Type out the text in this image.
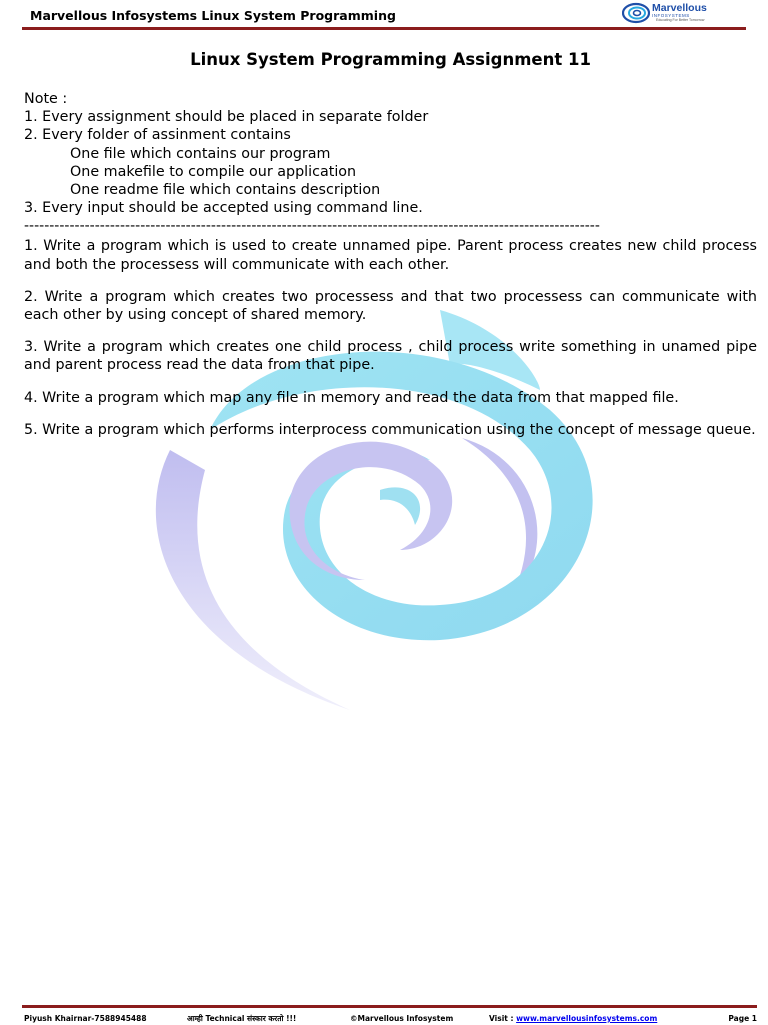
Marvellous Infosystems Linux System Programming	Marvellous
INFOSYSTEMS
Educating For Better Tomorrow
Linux System Programming Assignment 11
Note :
1. Every assignment should be placed in separate folder
2. Every folder of assinment contains
One file which contains our program
One makefile to compile our application
One readme file which contains description
3. Every input should be accepted using command line.
------------------------------------------------------------------------------------------------------------------

1. Write a program which is used to create unnamed pipe. Parent process creates new child process and both the processess will communicate with each other.

2. Write a program which creates two processess and that two processess can communicate with each other by using concept of shared memory.

3. Write a program which creates one child process , child process write something in unamed pipe and parent process read the data from that pipe.

4. Write a program which map any file in memory and read the data from that mapped file.

5. Write a program which performs interprocess communication using the concept of message queue.

Piyush Khairnar-7588945488	आम्ही Technical संस्कार करतो !!!	©Marvellous Infosystem	Visit : www.marvellousinfosystems.com	Page 1
